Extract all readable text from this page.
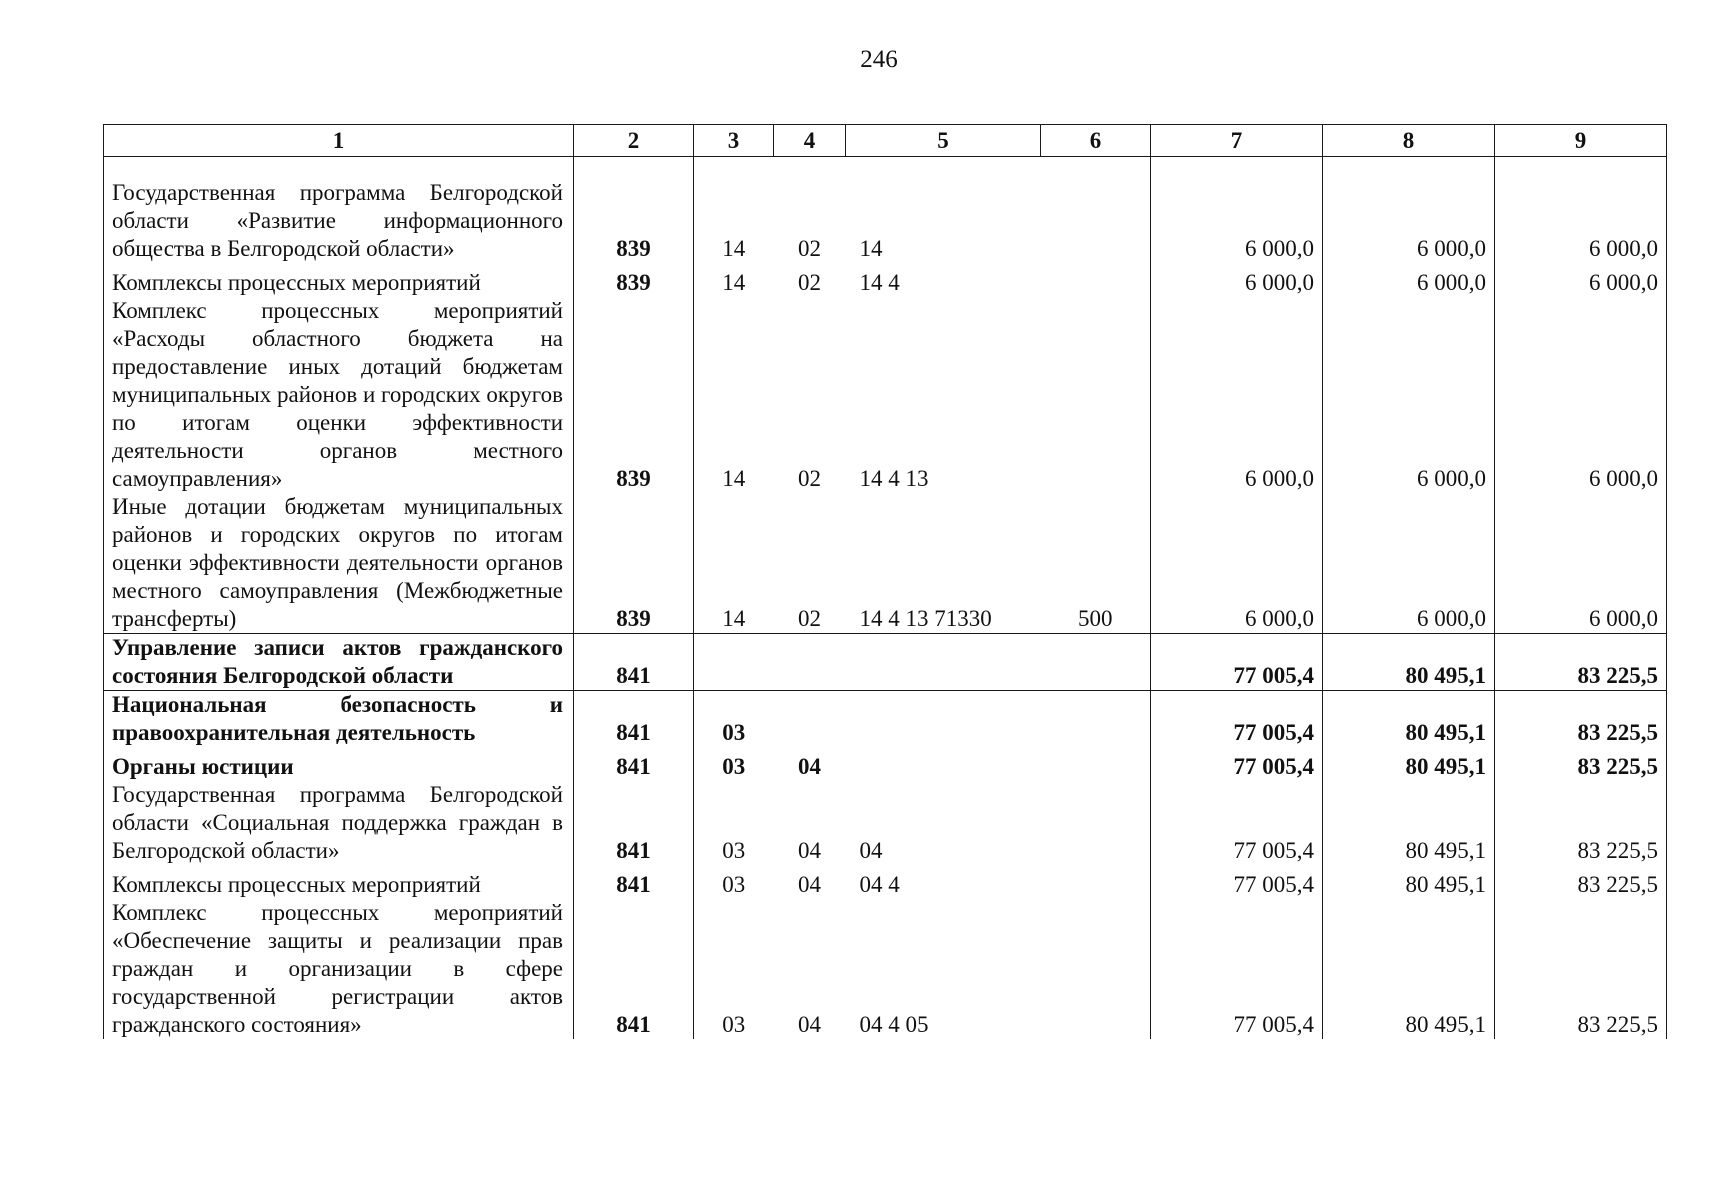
246
1	2	3	4	5	6	7	8	9
Государственная программа Белгородской области «Развитие информационного общества в Белгородской области»	839	14	02	14		6 000,0	6 000,0	6 000,0
Комплексы процессных мероприятий	839	14	02	14 4		6 000,0	6 000,0	6 000,0
Комплекс процессных мероприятий «Расходы областного бюджета на предоставление иных дотаций бюджетам муниципальных районов и городских округов по итогам оценки эффективности деятельности органов местного самоуправления»	839	14	02	14 4 13		6 000,0	6 000,0	6 000,0
Иные дотации бюджетам муниципальных районов и городских округов по итогам оценки эффективности деятельности органов местного самоуправления (Межбюджетные трансферты)	839	14	02	14 4 13 71330	500	6 000,0	6 000,0	6 000,0
Управление записи актов гражданского состояния Белгородской области	841					77 005,4	80 495,1	83 225,5
Национальная безопасность и правоохранительная деятельность	841	03				77 005,4	80 495,1	83 225,5
Органы юстиции	841	03	04			77 005,4	80 495,1	83 225,5
Государственная программа Белгородской области «Социальная поддержка граждан в Белгородской области»	841	03	04	04		77 005,4	80 495,1	83 225,5
Комплексы процессных мероприятий	841	03	04	04 4		77 005,4	80 495,1	83 225,5
Комплекс процессных мероприятий «Обеспечение защиты и реализации прав граждан и организации в сфере государственной регистрации актов гражданского состояния»	841	03	04	04 4 05		77 005,4	80 495,1	83 225,5
